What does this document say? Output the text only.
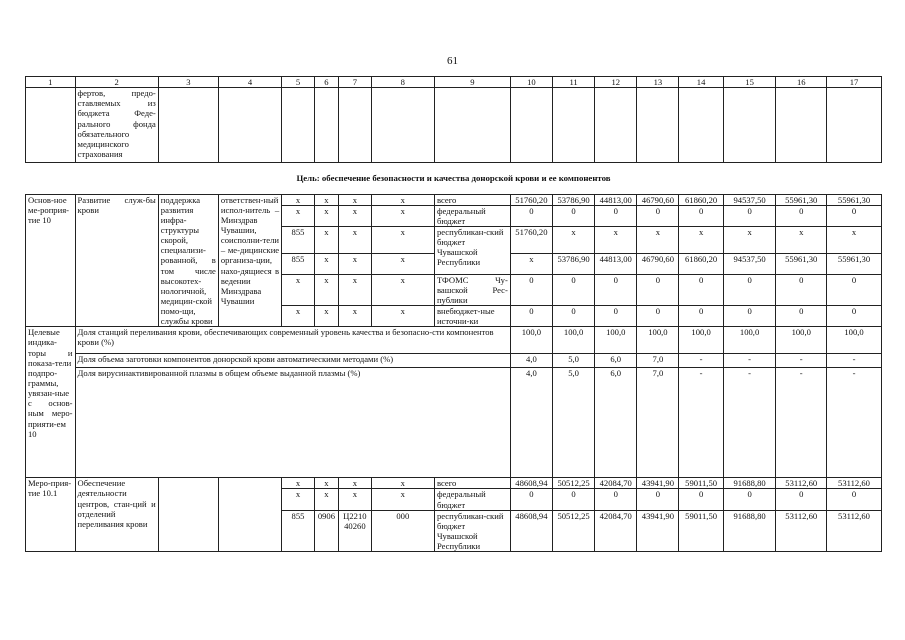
61
1	2	3	4	5	6	7	8	9	10	11	12	13	14	15	16	17
	фертов, предо-ставляемых из бюджета Феде-рального фонда обязательного медицинского страхования															
Цель: обеспечение безопасности и качества донорской крови и ее компонентов																
Основ-ное ме-роприя-тие 10	Развитие служ-бы крови	поддержка развития инфра-структуры скорой, специализи-рованной, в том числе высокотех-нологичной, медицин-ской помо-щи, службы крови	ответствен-ный испол-нитель – Минздрав Чувашии, соисполни-тели – ме-дицинские организа-ции, нахо-дящиеся в ведении Минздрава Чувашии	x	x	x	x	всего	51760,20	53786,90	44813,00	46790,60	61860,20	94537,50	55961,30	55961,30
				x	x	x	x	федеральный бюджет	0	0	0	0	0	0	0	0
				855	x	x	x	республикан-ский бюджет Чувашской Республики	51760,20	x	x	x	x	x	x	x
				855	x	x	x		x	53786,90	44813,00	46790,60	61860,20	94537,50	55961,30	55961,30
				x	x	x	x	ТФОМС Чу-вашской Рес-публики	0	0	0	0	0	0	0	0
				x	x	x	x	внебюджет-ные источни-ки	0	0	0	0	0	0	0	0
Целевые индика-торы и показа-тели подпро-граммы, увязан-ные с основ-ным меро-прияти-ем 10	Доля станций переливания крови, обеспечивающих современный уровень качества и безопасно-сти компонентов крови (%)								100,0	100,0	100,0	100,0	100,0	100,0	100,0	100,0
	Доля объема заготовки компонентов донорской крови автоматическими методами (%)								4,0	5,0	6,0	7,0	-	-	-	-
	Доля вирусинактивированной плазмы в общем объеме выданной плазмы (%)								4,0	5,0	6,0	7,0	-	-	-	-
Меро-прия-тие 10.1	Обеспечение деятельности центров, стан-ций и отделений переливания крови			x	x	x	x	всего	48608,94	50512,25	42084,70	43941,90	59011,50	91688,80	53112,60	53112,60
				x	x	x	x	федеральный бюджет	0	0	0	0	0	0	0	0
				855	0906	Ц2210 40260	000	республикан-ский бюджет Чувашской Республики	48608,94	50512,25	42084,70	43941,90	59011,50	91688,80	53112,60	53112,60
